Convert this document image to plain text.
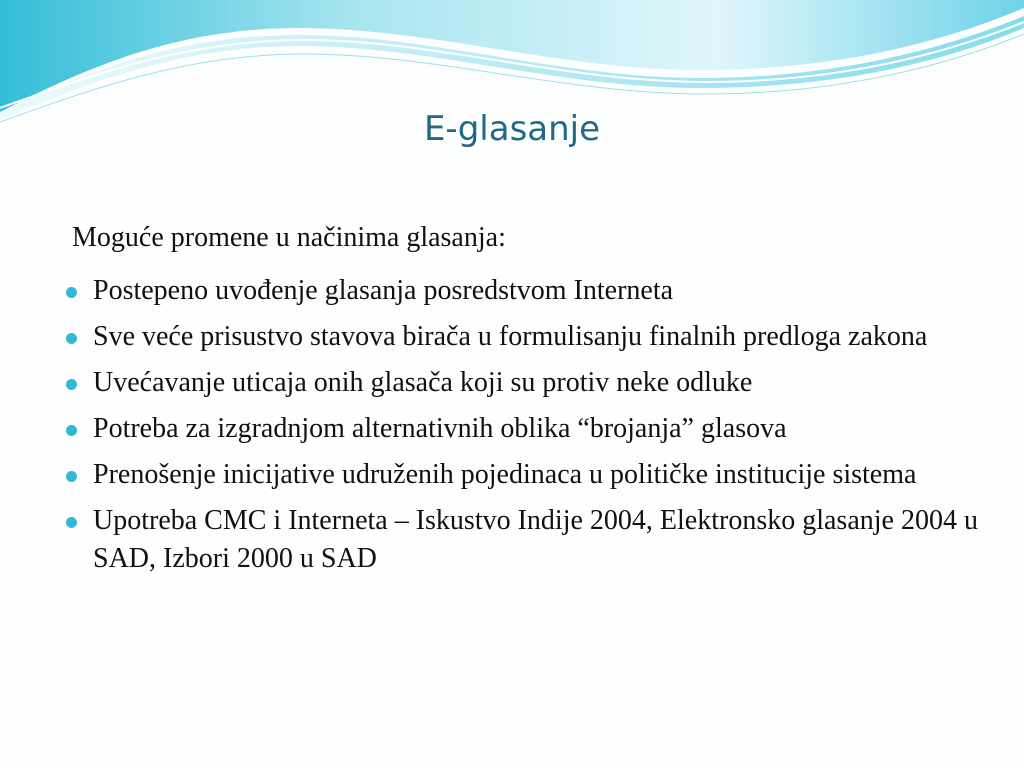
E-glasanje
Moguće promene u načinima glasanja:
Postepeno uvođenje glasanja posredstvom Interneta
Sve veće prisustvo stavova birača u formulisanju finalnih predloga zakona
Uvećavanje uticaja onih glasača koji su protiv neke odluke
Potreba za izgradnjom alternativnih oblika “brojanja” glasova
Prenošenje inicijative udruženih pojedinaca u političke institucije sistema
Upotreba CMC i Interneta – Iskustvo Indije 2004, Elektronsko glasanje 2004 u SAD, Izbori 2000 u SAD
